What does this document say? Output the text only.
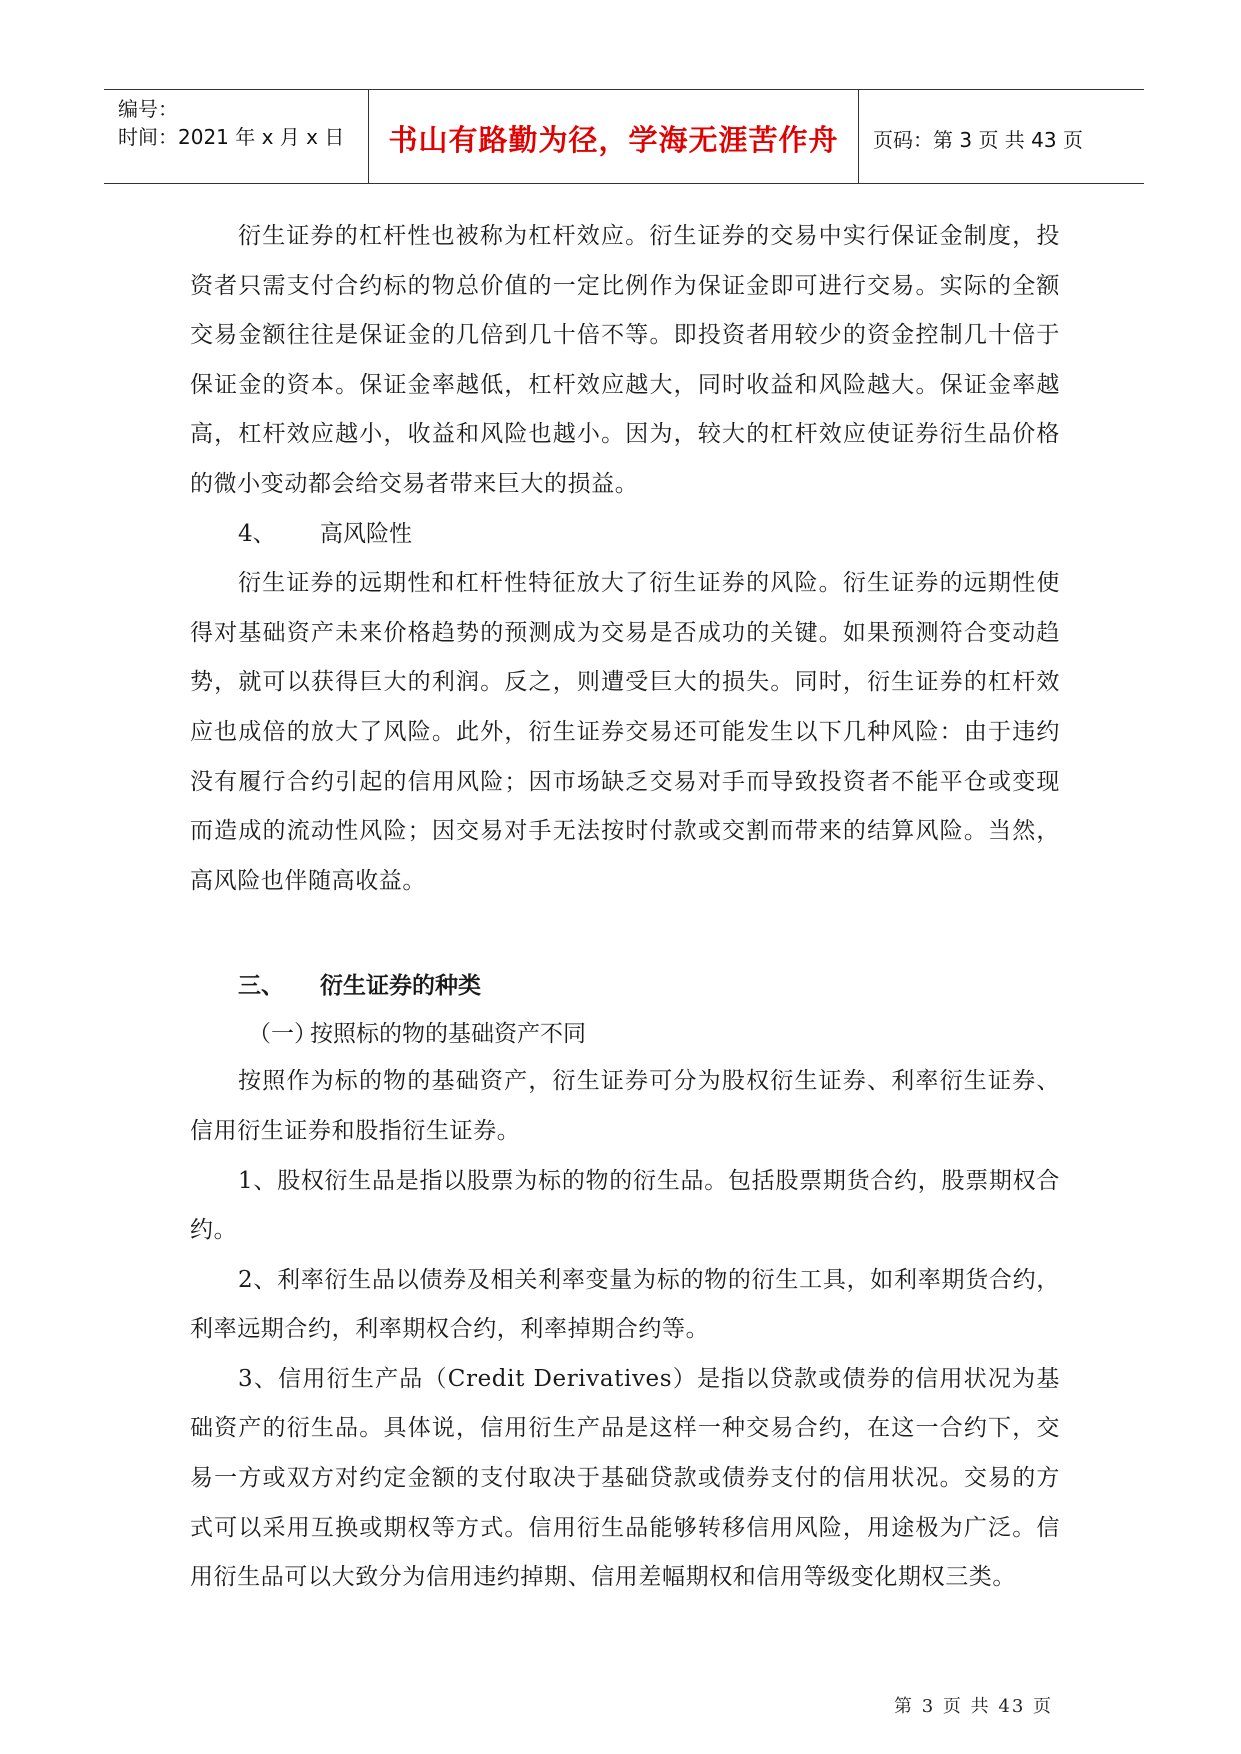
编号：
时间：2021 年 x 月 x 日	书山有路勤为径，学海无涯苦作舟	页码：第 3 页 共 43 页

衍生证券的杠杆性也被称为杠杆效应。衍生证券的交易中实行保证金制度，投资者只需支付合约标的物总价值的一定比例作为保证金即可进行交易。实际的全额交易金额往往是保证金的几倍到几十倍不等。即投资者用较少的资金控制几十倍于保证金的资本。保证金率越低，杠杆效应越大，同时收益和风险越大。保证金率越高，杠杆效应越小，收益和风险也越小。因为，较大的杠杆效应使证券衍生品价格的微小变动都会给交易者带来巨大的损益。

4、 高风险性

衍生证券的远期性和杠杆性特征放大了衍生证券的风险。衍生证券的远期性使得对基础资产未来价格趋势的预测成为交易是否成功的关键。如果预测符合变动趋势，就可以获得巨大的利润。反之，则遭受巨大的损失。同时，衍生证券的杠杆效应也成倍的放大了风险。此外，衍生证券交易还可能发生以下几种风险：由于违约没有履行合约引起的信用风险；因市场缺乏交易对手而导致投资者不能平仓或变现而造成的流动性风险；因交易对手无法按时付款或交割而带来的结算风险。当然，高风险也伴随高收益。

三、 衍生证券的种类
（一）按照标的物的基础资产不同

按照作为标的物的基础资产，衍生证券可分为股权衍生证券、利率衍生证券、信用衍生证券和股指衍生证券。

1、股权衍生品是指以股票为标的物的衍生品。包括股票期货合约，股票期权合约。

2、利率衍生品以债券及相关利率变量为标的物的衍生工具，如利率期货合约，利率远期合约，利率期权合约，利率掉期合约等。

3、信用衍生产品（Credit Derivatives）是指以贷款或债券的信用状况为基础资产的衍生品。具体说，信用衍生产品是这样一种交易合约，在这一合约下，交易一方或双方对约定金额的支付取决于基础贷款或债券支付的信用状况。交易的方式可以采用互换或期权等方式。信用衍生品能够转移信用风险，用途极为广泛。信用衍生品可以大致分为信用违约掉期、信用差幅期权和信用等级变化期权三类。

第 3 页 共 43 页
